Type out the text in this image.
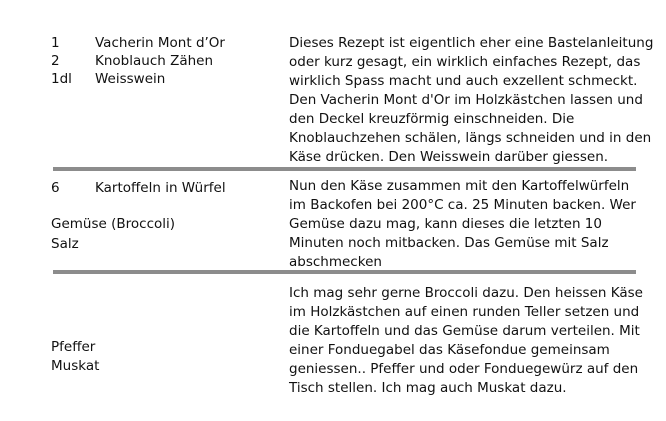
1	Vacherin Mont d’Or
2	Knoblauch Zähen
1dl Weisswein
Dieses Rezept ist eigentlich eher eine Bastelanleitung
oder kurz gesagt, ein wirklich einfaches Rezept, das
wirklich Spass macht und auch exzellent schmeckt.
Den Vacherin Mont d'Or im Holzkästchen lassen und
den Deckel kreuzförmig einschneiden. Die
Knoblauchzehen schälen, längs schneiden und in den
Käse drücken. Den Weisswein darüber giessen.
6	Kartoffeln in Würfel
Gemüse (Broccoli)
Salz
Nun den Käse zusammen mit den Kartoffelwürfeln
im Backofen bei 200°C ca. 25 Minuten backen. Wer
Gemüse dazu mag, kann dieses die letzten 10
Minuten noch mitbacken. Das Gemüse mit Salz
abschmecken
Pfeffer
Muskat
Ich mag sehr gerne Broccoli dazu. Den heissen Käse
im Holzkästchen auf einen runden Teller setzen und
die Kartoffeln und das Gemüse darum verteilen. Mit
einer Fonduegabel das Käsefondue gemeinsam
geniessen.. Pfeffer und oder Fonduegewürz auf den
Tisch stellen. Ich mag auch Muskat dazu.
